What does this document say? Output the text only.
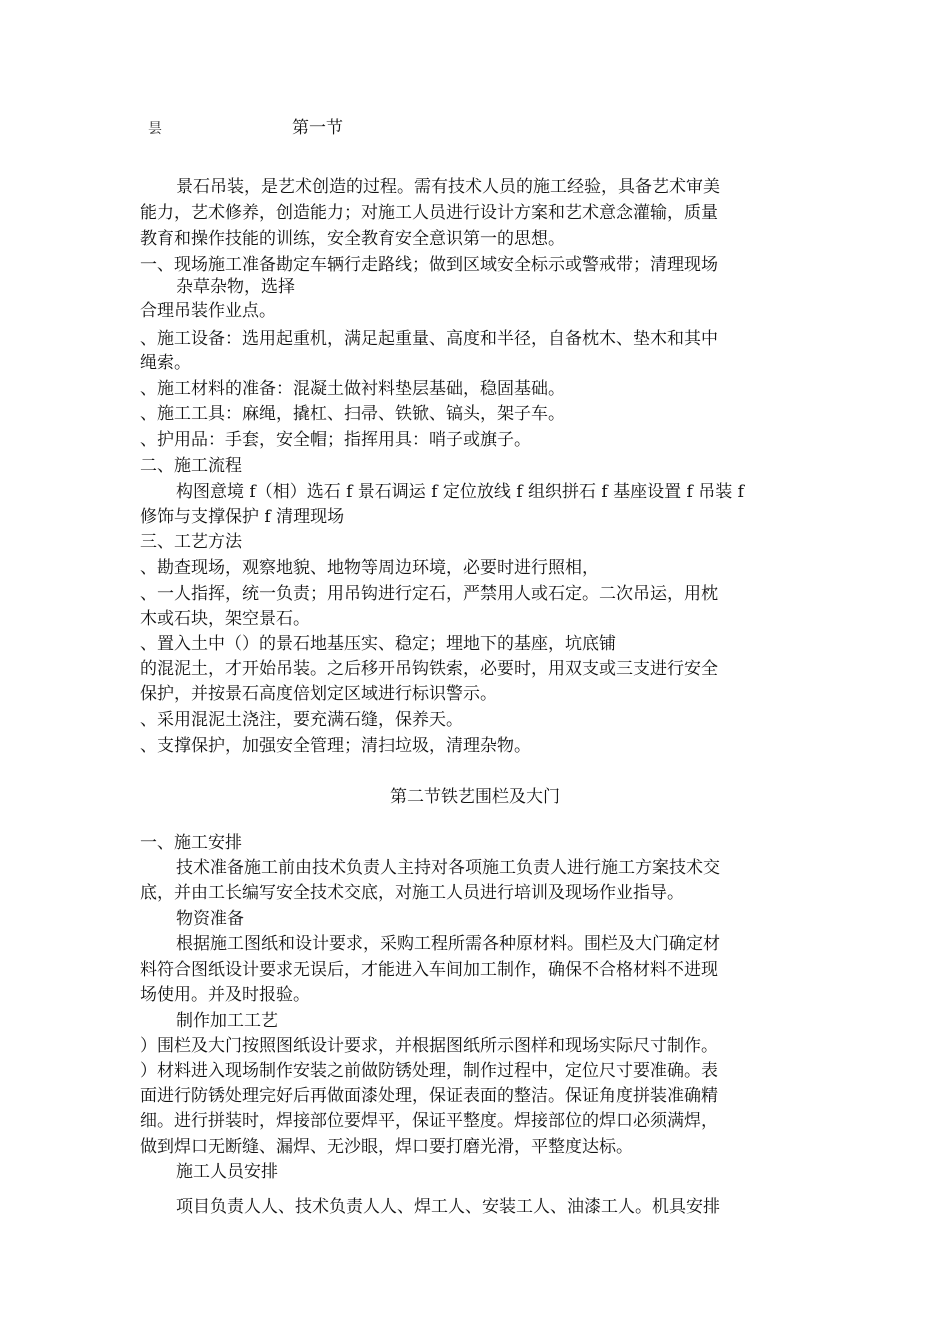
昙	第一节
景石吊装，是艺术创造的过程。需有技术人员的施工经验，具备艺术审美
能力，艺术修养，创造能力；对施工人员进行设计方案和艺术意念灌输，质量
教育和操作技能的训练，安全教育安全意识第一的思想。
一、现场施工准备勘定车辆行走路线；做到区域安全标示或警戒带；清理现场
杂草杂物，选择
合理吊装作业点。
、施工设备：选用起重机，满足起重量、高度和半径，自备枕木、垫木和其中
绳索。
、施工材料的准备：混凝土做衬料垫层基础，稳固基础。
、施工工具：麻绳，撬杠、扫帚、铁锨、镐头，架子车。
、护用品：手套，安全帽；指挥用具：哨子或旗子。
二、施工流程
构图意境 f（相）选石 f 景石调运 f 定位放线 f 组织拼石 f 基座设置 f 吊装 f
修饰与支撑保护 f 清理现场
三、工艺方法
、勘查现场，观察地貌、地物等周边环境，必要时进行照相，
、一人指挥，统一负责；用吊钩进行定石，严禁用人或石定。二次吊运，用枕
木或石块，架空景石。
、置入土中（）的景石地基压实、稳定；埋地下的基座，坑底铺
的混泥土，才开始吊装。之后移开吊钩铁索，必要时，用双支或三支进行安全
保护，并按景石高度倍划定区域进行标识警示。
、采用混泥土浇注，要充满石缝，保养天。
、支撑保护，加强安全管理；清扫垃圾，清理杂物。
第二节铁艺围栏及大门
一、施工安排
技术准备施工前由技术负责人主持对各项施工负责人进行施工方案技术交
底，并由工长编写安全技术交底，对施工人员进行培训及现场作业指导。
物资准备
根据施工图纸和设计要求，采购工程所需各种原材料。围栏及大门确定材
料符合图纸设计要求无误后，才能进入车间加工制作，确保不合格材料不进现
场使用。并及时报验。
制作加工工艺
）围栏及大门按照图纸设计要求，并根据图纸所示图样和现场实际尺寸制作。
）材料进入现场制作安装之前做防锈处理，制作过程中，定位尺寸要准确。表
面进行防锈处理完好后再做面漆处理，保证表面的整洁。保证角度拼装准确精
细。进行拼装时，焊接部位要焊平，保证平整度。焊接部位的焊口必须满焊，
做到焊口无断缝、漏焊、无沙眼，焊口要打磨光滑，平整度达标。
施工人员安排
项目负责人人、技术负责人人、焊工人、安装工人、油漆工人。机具安排
